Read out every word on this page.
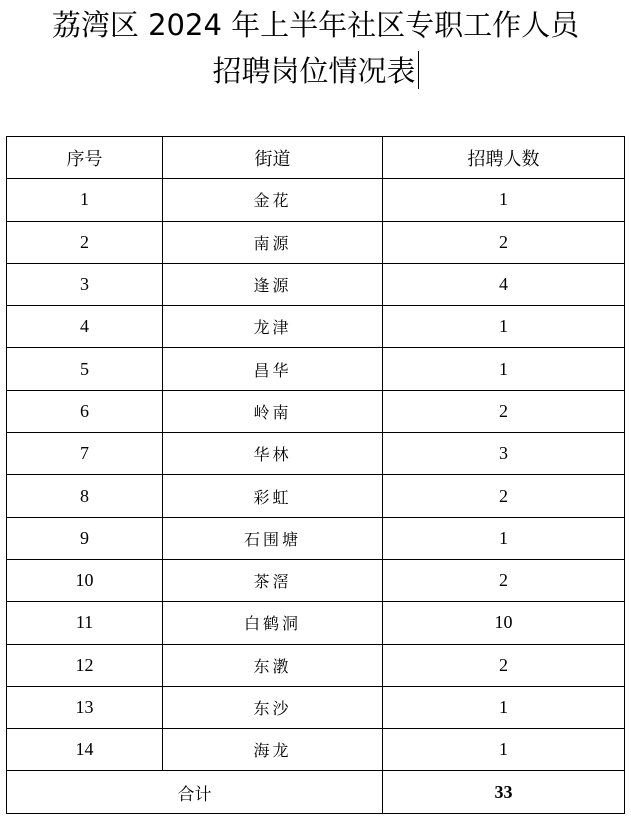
荔湾区 2024 年上半年社区专职工作人员
招聘岗位情况表
序号	街道	招聘人数
1	金花	1
2	南源	2
3	逢源	4
4	龙津	1
5	昌华	1
6	岭南	2
7	华林	3
8	彩虹	2
9	石围塘	1
10	茶滘	2
11	白鹤洞	10
12	东漖	2
13	东沙	1
14	海龙	1
合计		33
